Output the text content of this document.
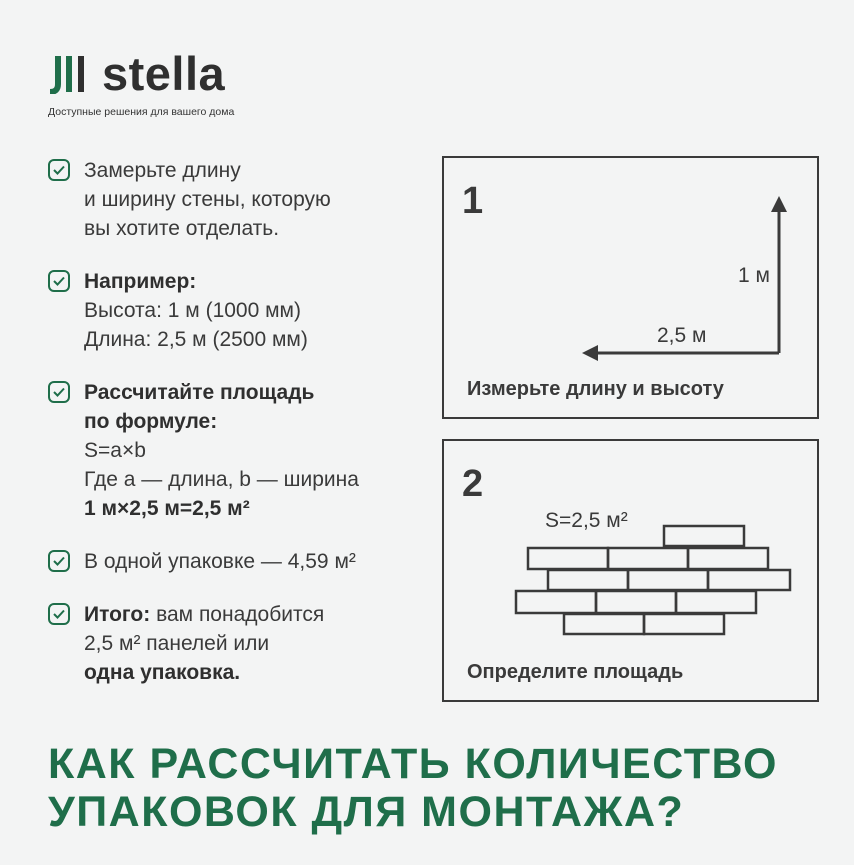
stella
Доступные решения для вашего дома
Замерьте длину
и ширину стены, которую
вы хотите отделать.
Например:
Высота: 1 м (1000 мм)
Длина: 2,5 м (2500 мм)
Рассчитайте площадь
по формуле:
S=a×b
Где a — длина, b — ширина
1 м×2,5 м=2,5 м²
В одной упаковке — 4,59 м²
Итого: вам понадобится
2,5 м² панелей или
одна упаковка.
1
1 м
2,5 м
Измерьте длину и высоту
2
S=2,5 м²
Определите площадь
КАК РАССЧИТАТЬ КОЛИЧЕСТВО
УПАКОВОК ДЛЯ МОНТАЖА?
